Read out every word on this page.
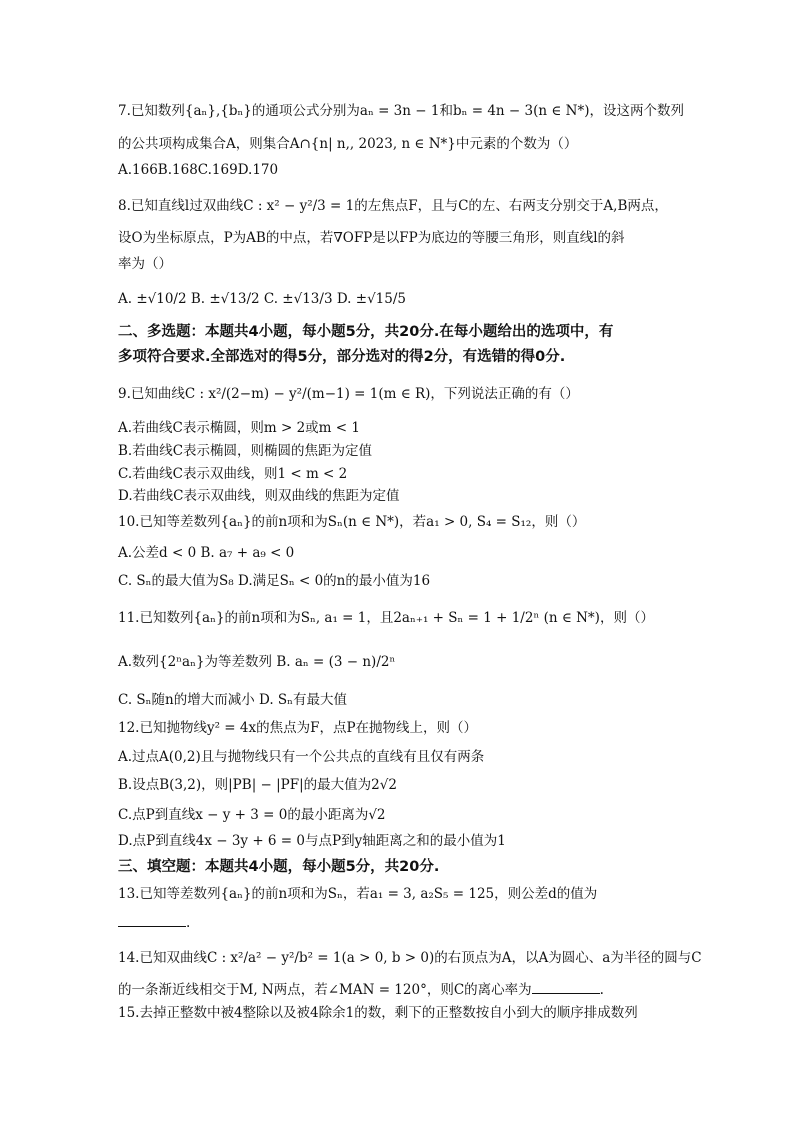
7.已知数列{aₙ},{bₙ}的通项公式分别为aₙ = 3n − 1和bₙ = 4n − 3(n ∈ N*)，设这两个数列
的公共项构成集合A，则集合A∩{n| n,, 2023, n ∈ N*}中元素的个数为（）
A.166B.168C.169D.170
8.已知直线l过双曲线C : x² − y²/3 = 1的左焦点F，且与C的左、右两支分别交于A,B两点，
设O为坐标原点，P为AB的中点，若∇OFP是以FP为底边的等腰三角形，则直线l的斜
率为（）
A. ±√10/2 B. ±√13/2 C. ±√13/3 D. ±√15/5
二、多选题：本题共4小题，每小题5分，共20分.在每小题给出的选项中，有
多项符合要求.全部选对的得5分，部分选对的得2分，有选错的得0分.
9.已知曲线C : x²/(2−m) − y²/(m−1) = 1(m ∈ R)，下列说法正确的有（）
A.若曲线C表示椭圆，则m > 2或m < 1
B.若曲线C表示椭圆，则椭圆的焦距为定值
C.若曲线C表示双曲线，则1 < m < 2
D.若曲线C表示双曲线，则双曲线的焦距为定值
10.已知等差数列{aₙ}的前n项和为Sₙ(n ∈ N*)，若a₁ > 0, S₄ = S₁₂，则（）
A.公差d < 0 B. a₇ + a₉ < 0
C. Sₙ的最大值为S₈ D.满足Sₙ < 0的n的最小值为16
11.已知数列{aₙ}的前n项和为Sₙ, a₁ = 1，且2aₙ₊₁ + Sₙ = 1 + 1/2ⁿ (n ∈ N*)，则（）
A.数列{2ⁿaₙ}为等差数列 B. aₙ = (3 − n)/2ⁿ
C. Sₙ随n的增大而减小 D. Sₙ有最大值
12.已知抛物线y² = 4x的焦点为F，点P在抛物线上，则（）
A.过点A(0,2)且与抛物线只有一个公共点的直线有且仅有两条
B.设点B(3,2)，则|PB| − |PF|的最大值为2√2
C.点P到直线x − y + 3 = 0的最小距离为√2
D.点P到直线4x − 3y + 6 = 0与点P到y轴距离之和的最小值为1
三、填空题：本题共4小题，每小题5分，共20分.
13.已知等差数列{aₙ}的前n项和为Sₙ，若a₁ = 3, a₂S₅ = 125，则公差d的值为
.
14.已知双曲线C : x²/a² − y²/b² = 1(a > 0, b > 0)的右顶点为A，以A为圆心、a为半径的圆与C
的一条渐近线相交于M, N两点，若∠MAN = 120°，则C的离心率为	.
15.去掉正整数中被4整除以及被4除余1的数，剩下的正整数按自小到大的顺序排成数列
